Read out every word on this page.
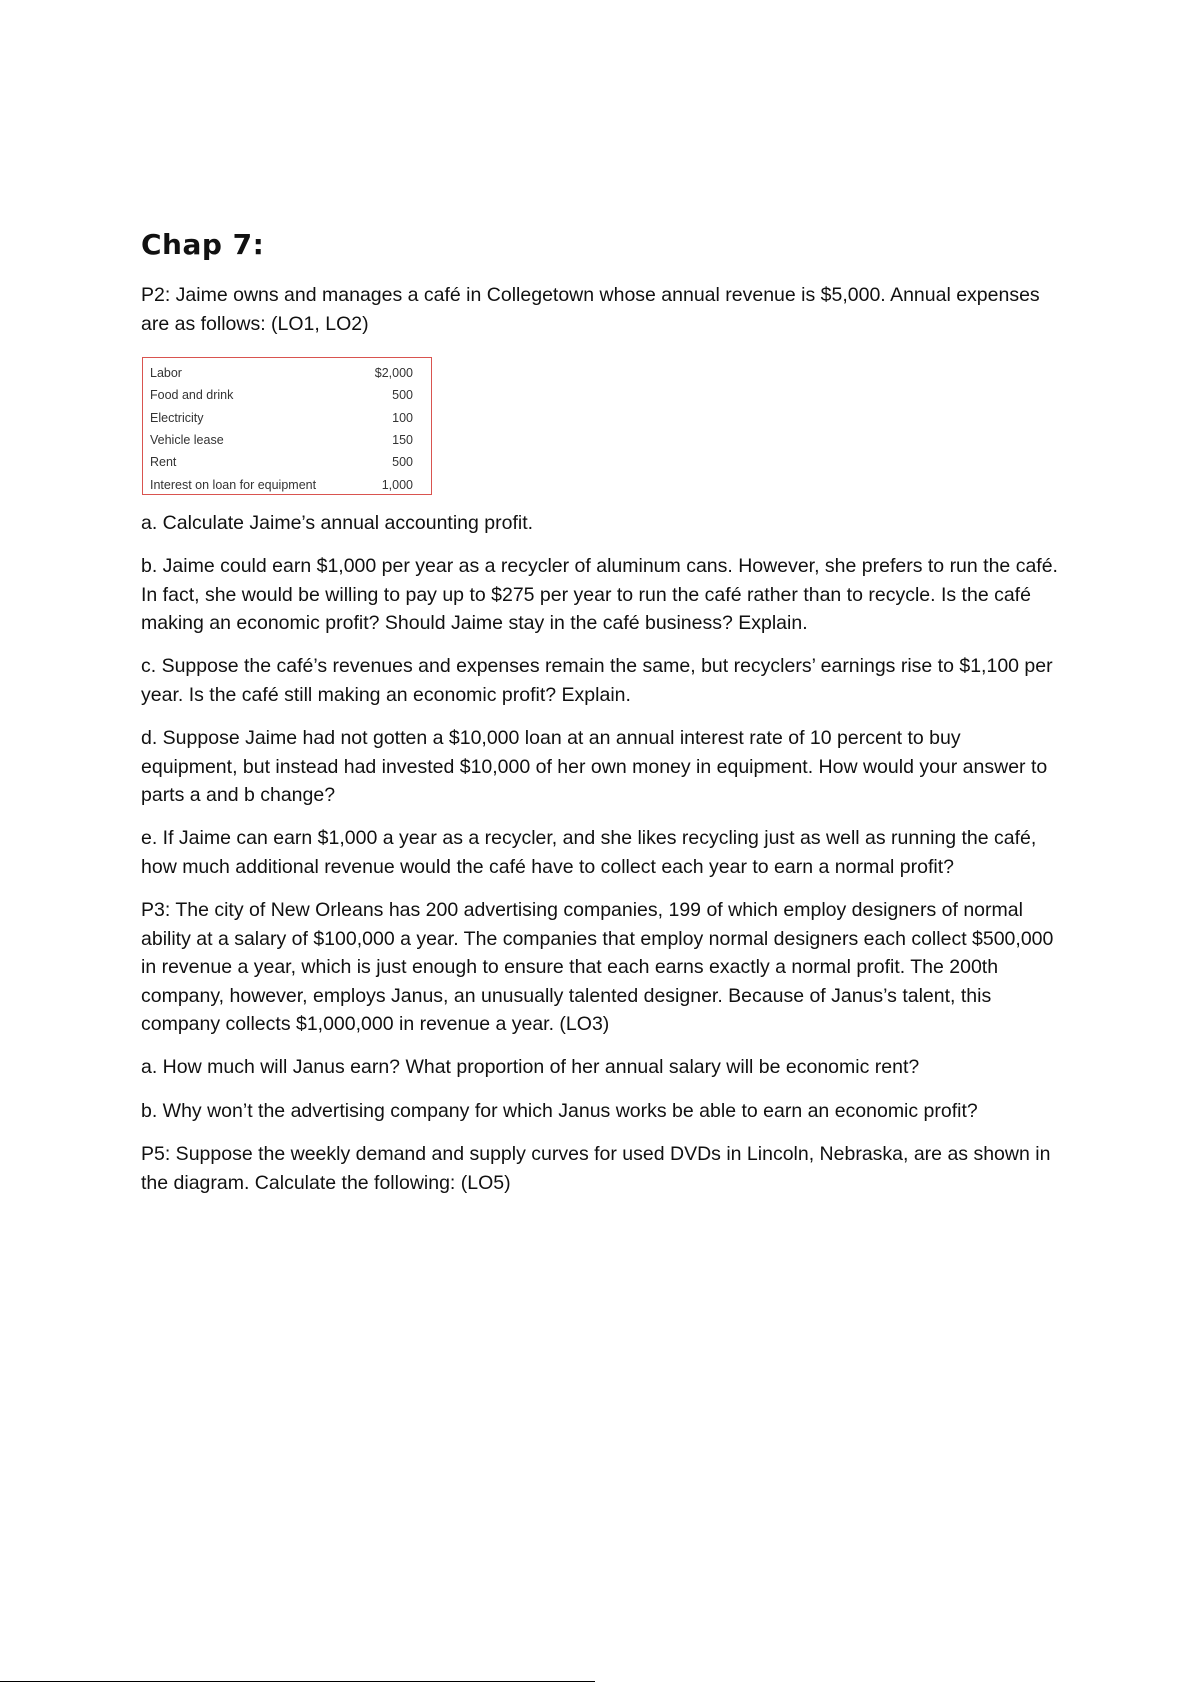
Chap 7:

P2: Jaime owns and manages a café in Collegetown whose annual revenue is $5,000. Annual expenses are as follows: (LO1, LO2)

Labor	$2,000
Food and drink	500
Electricity	100
Vehicle lease	150
Rent	500
Interest on loan for equipment	1,000

a. Calculate Jaime’s annual accounting profit.

b. Jaime could earn $1,000 per year as a recycler of aluminum cans. However, she prefers to run the café. In fact, she would be willing to pay up to $275 per year to run the café rather than to recycle. Is the café making an economic profit? Should Jaime stay in the café business? Explain.

c. Suppose the café’s revenues and expenses remain the same, but recyclers’ earnings rise to $1,100 per year. Is the café still making an economic profit? Explain.

d. Suppose Jaime had not gotten a $10,000 loan at an annual interest rate of 10 percent to buy equipment, but instead had invested $10,000 of her own money in equipment. How would your answer to parts a and b change?

e. If Jaime can earn $1,000 a year as a recycler, and she likes recycling just as well as running the café, how much additional revenue would the café have to collect each year to earn a normal profit?

P3: The city of New Orleans has 200 advertising companies, 199 of which employ designers of normal ability at a salary of $100,000 a year. The companies that employ normal designers each collect $500,000 in revenue a year, which is just enough to ensure that each earns exactly a normal profit. The 200th company, however, employs Janus, an unusually talented designer. Because of Janus’s talent, this company collects $1,000,000 in revenue a year. (LO3)

a. How much will Janus earn? What proportion of her annual salary will be economic rent?

b. Why won’t the advertising company for which Janus works be able to earn an economic profit?

P5: Suppose the weekly demand and supply curves for used DVDs in Lincoln, Nebraska, are as shown in the diagram. Calculate the following: (LO5)
